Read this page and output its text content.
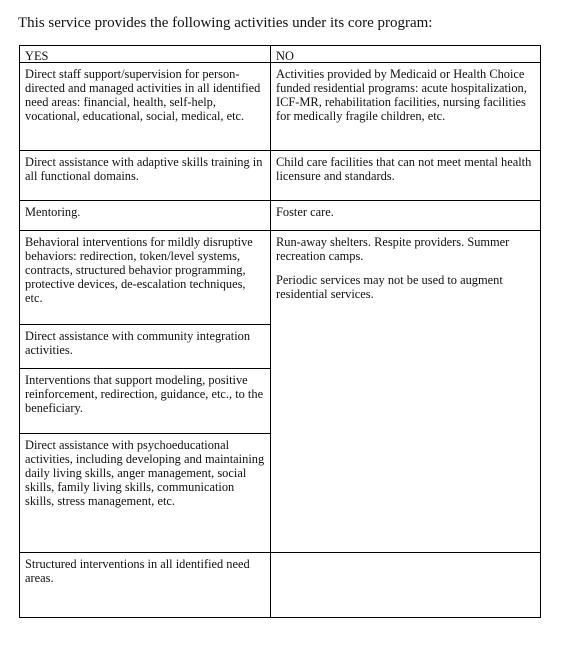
This service provides the following activities under its core program:
YES	NO
Direct staff support/supervision for person-directed and managed activities in all identified need areas: financial, health, self-help, vocational, educational, social, medical, etc.
Activities provided by Medicaid or Health Choice funded residential programs: acute hospitalization, ICF-MR, rehabilitation facilities, nursing facilities for medically fragile children, etc.
Direct assistance with adaptive skills training in all functional domains.
Child care facilities that can not meet mental health licensure and standards.
Mentoring.	Foster care.
Behavioral interventions for mildly disruptive behaviors: redirection, token/level systems, contracts, structured behavior programming, protective devices, de-escalation techniques, etc.

Run-away shelters. Respite providers. Summer recreation camps.

Periodic services may not be used to augment residential services.

Direct assistance with community integration activities.
Interventions that support modeling, positive reinforcement, redirection, guidance, etc., to the beneficiary.
Direct assistance with psychoeducational activities, including developing and maintaining daily living skills, anger management, social skills, family living skills, communication skills, stress management, etc.
Structured interventions in all identified need areas.
